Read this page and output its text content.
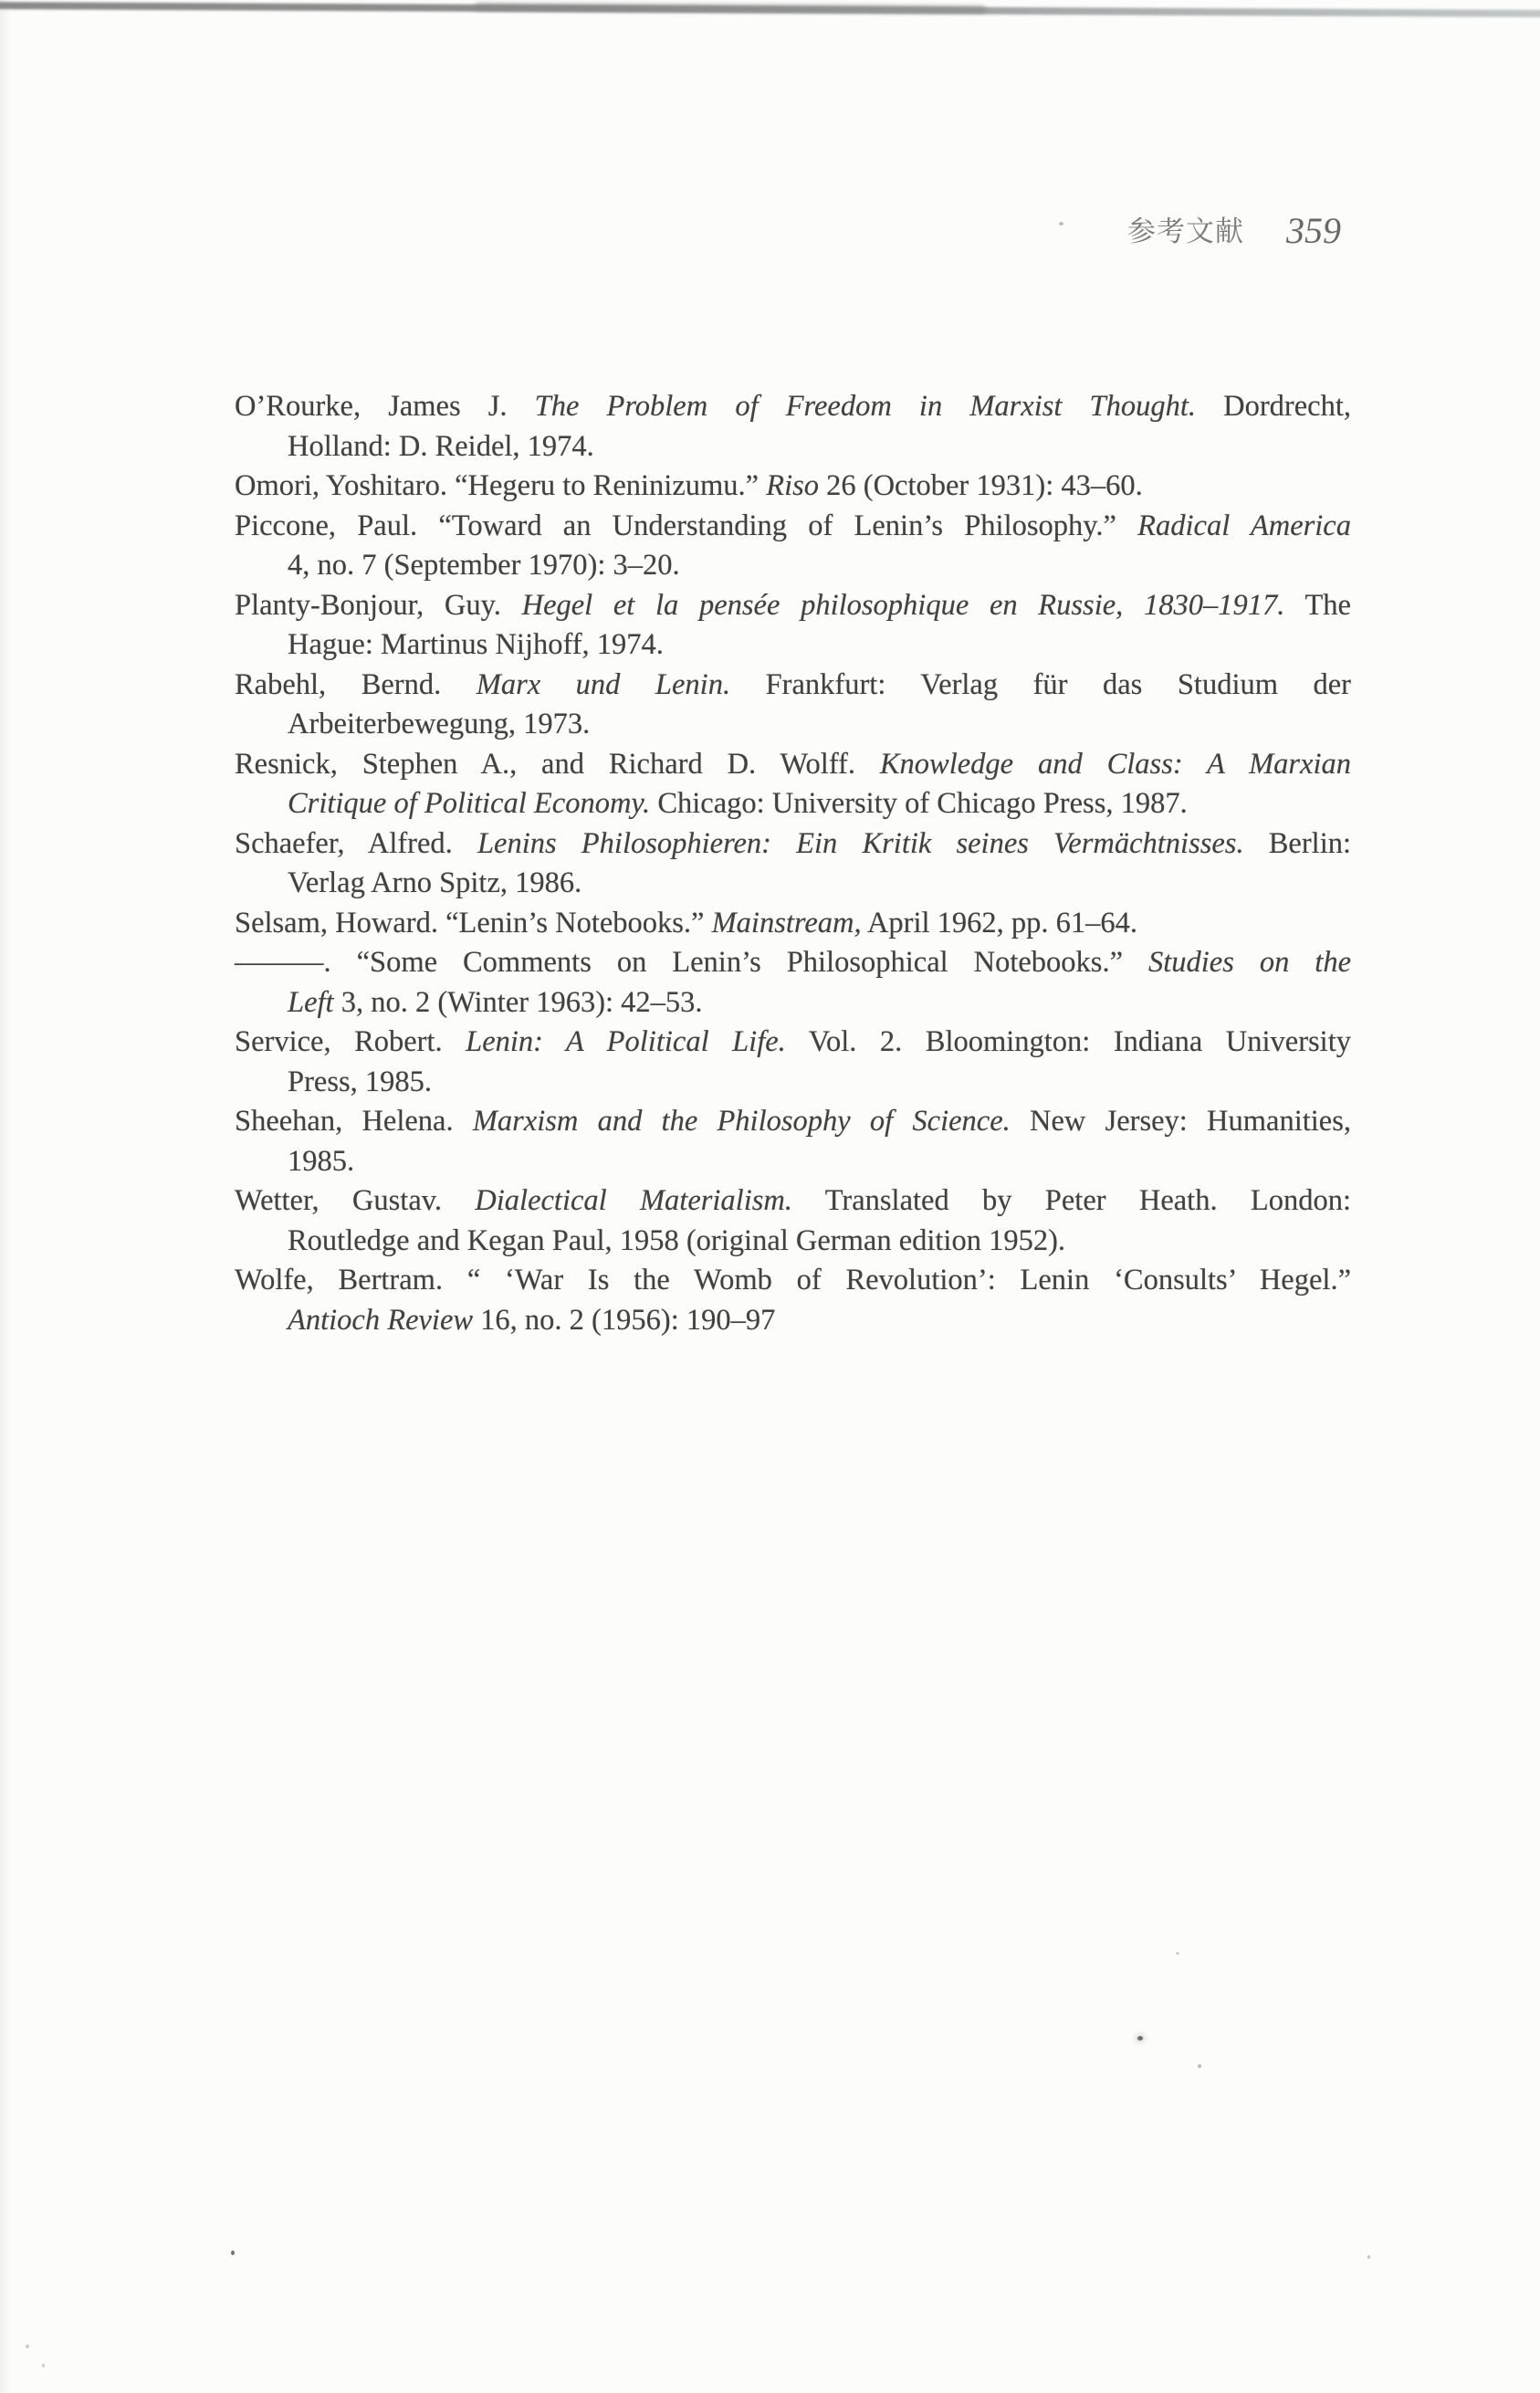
参考文献 359
O’Rourke, James J. The Problem of Freedom in Marxist Thought. Dordrecht,
Holland: D. Reidel, 1974.
Omori, Yoshitaro. “Hegeru to Reninizumu.” Riso 26 (October 1931): 43–60.
Piccone, Paul. “Toward an Understanding of Lenin’s Philosophy.” Radical America
4, no. 7 (September 1970): 3–20.
Planty-Bonjour, Guy. Hegel et la pensée philosophique en Russie, 1830–1917. The
Hague: Martinus Nijhoff, 1974.
Rabehl, Bernd. Marx und Lenin. Frankfurt: Verlag für das Studium der
Arbeiterbewegung, 1973.
Resnick, Stephen A., and Richard D. Wolff. Knowledge and Class: A Marxian
Critique of Political Economy. Chicago: University of Chicago Press, 1987.
Schaefer, Alfred. Lenins Philosophieren: Ein Kritik seines Vermächtnisses. Berlin:
Verlag Arno Spitz, 1986.
Selsam, Howard. “Lenin’s Notebooks.” Mainstream, April 1962, pp. 61–64.
———. “Some Comments on Lenin’s Philosophical Notebooks.” Studies on the
Left 3, no. 2 (Winter 1963): 42–53.
Service, Robert. Lenin: A Political Life. Vol. 2. Bloomington: Indiana University
Press, 1985.
Sheehan, Helena. Marxism and the Philosophy of Science. New Jersey: Humanities,
1985.
Wetter, Gustav. Dialectical Materialism. Translated by Peter Heath. London:
Routledge and Kegan Paul, 1958 (original German edition 1952).
Wolfe, Bertram. “ ‘War Is the Womb of Revolution’: Lenin ‘Consults’ Hegel.”
Antioch Review 16, no. 2 (1956): 190–97
